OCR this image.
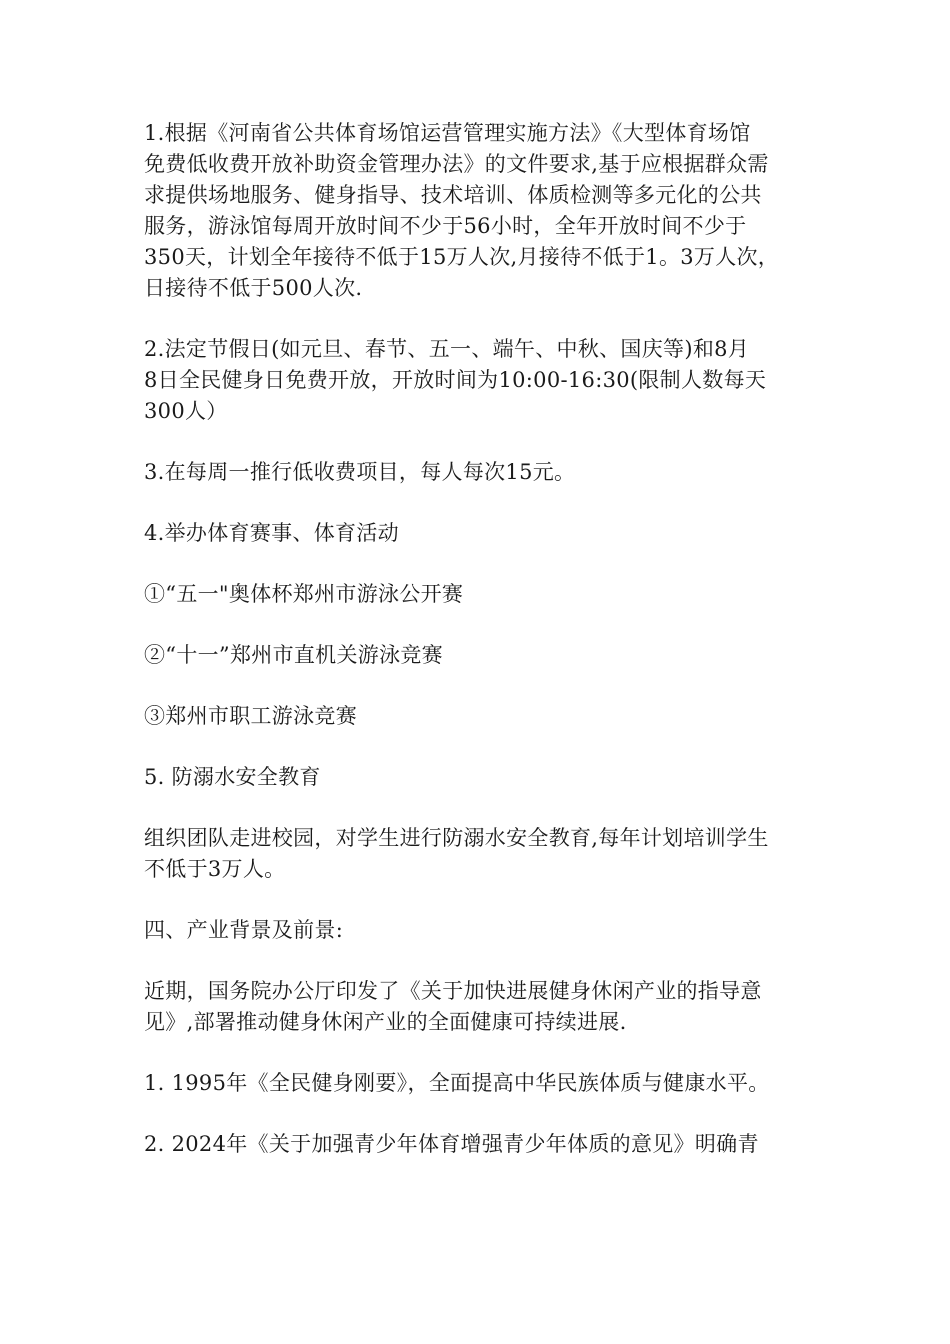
1.根据《河南省公共体育场馆运营管理实施方法》《大型体育场馆
免费低收费开放补助资金管理办法》的文件要求,基于应根据群众需
求提供场地服务、健身指导、技术培训、体质检测等多元化的公共
服务，游泳馆每周开放时间不少于56小时，全年开放时间不少于
350天，计划全年接待不低于15万人次,月接待不低于1。3万人次，
日接待不低于500人次.

2.法定节假日(如元旦、春节、五一、端午、中秋、国庆等)和8月
8日全民健身日免费开放，开放时间为10:00-16:30(限制人数每天
300人）

3.在每周一推行低收费项目，每人每次15元。

4.举办体育赛事、体育活动

①“五一"奥体杯郑州市游泳公开赛

②“十一”郑州市直机关游泳竞赛

③郑州市职工游泳竞赛

5. 防溺水安全教育

组织团队走进校园，对学生进行防溺水安全教育,每年计划培训学生
不低于3万人。

四、产业背景及前景:

近期，国务院办公厅印发了《关于加快进展健身休闲产业的指导意
见》,部署推动健身休闲产业的全面健康可持续进展.

1. 1995年《全民健身刚要》，全面提高中华民族体质与健康水平。

2. 2024年《关于加强青少年体育增强青少年体质的意见》明确青
